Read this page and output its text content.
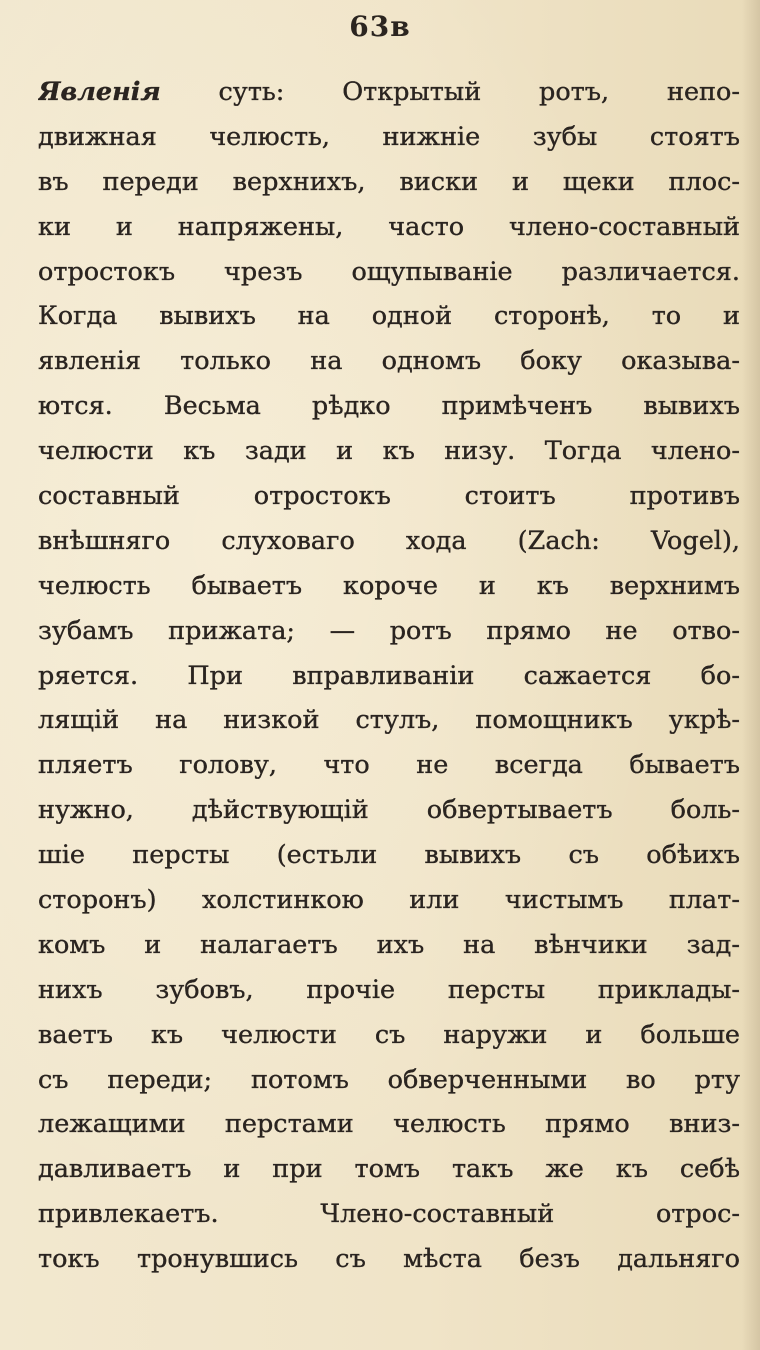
63в
Явленія суть: Открытый ротъ, непо-
движная челюсть, нижніе зубы стоятъ
въ переди верхнихъ, виски и щеки плос-
ки и напряжены, часто члено-составный
отростокъ чрезъ ощупываніе различается.
Когда вывихъ на одной сторонѣ, то и
явленія только на одномъ боку оказыва-
ются. Весьма рѣдко примѣченъ вывихъ
челюсти къ зади и къ низу. Тогда члено-
составный отростокъ стоитъ противъ
внѣшняго слуховаго хода (Zach: Vogel),
челюсть бываетъ короче и къ верхнимъ
зубамъ прижата; — ротъ прямо не отво-
ряется. При вправливаніи сажается бо-
лящій на низкой стулъ, помощникъ укрѣ-
пляетъ голову, что не всегда бываетъ
нужно, дѣйствующій обвертываетъ боль-
шіе персты (естьли вывихъ съ обѣихъ
сторонъ) холстинкою или чистымъ плат-
комъ и налагаетъ ихъ на вѣнчики зад-
нихъ зубовъ, прочіе персты приклады-
ваетъ къ челюсти съ наружи и больше
съ переди; потомъ обверченными во рту
лежащими перстами челюсть прямо вниз-
давливаетъ и при томъ такъ же къ себѣ
привлекаетъ. Члено-составный отрос-
токъ тронувшись съ мѣста безъ дальняго
